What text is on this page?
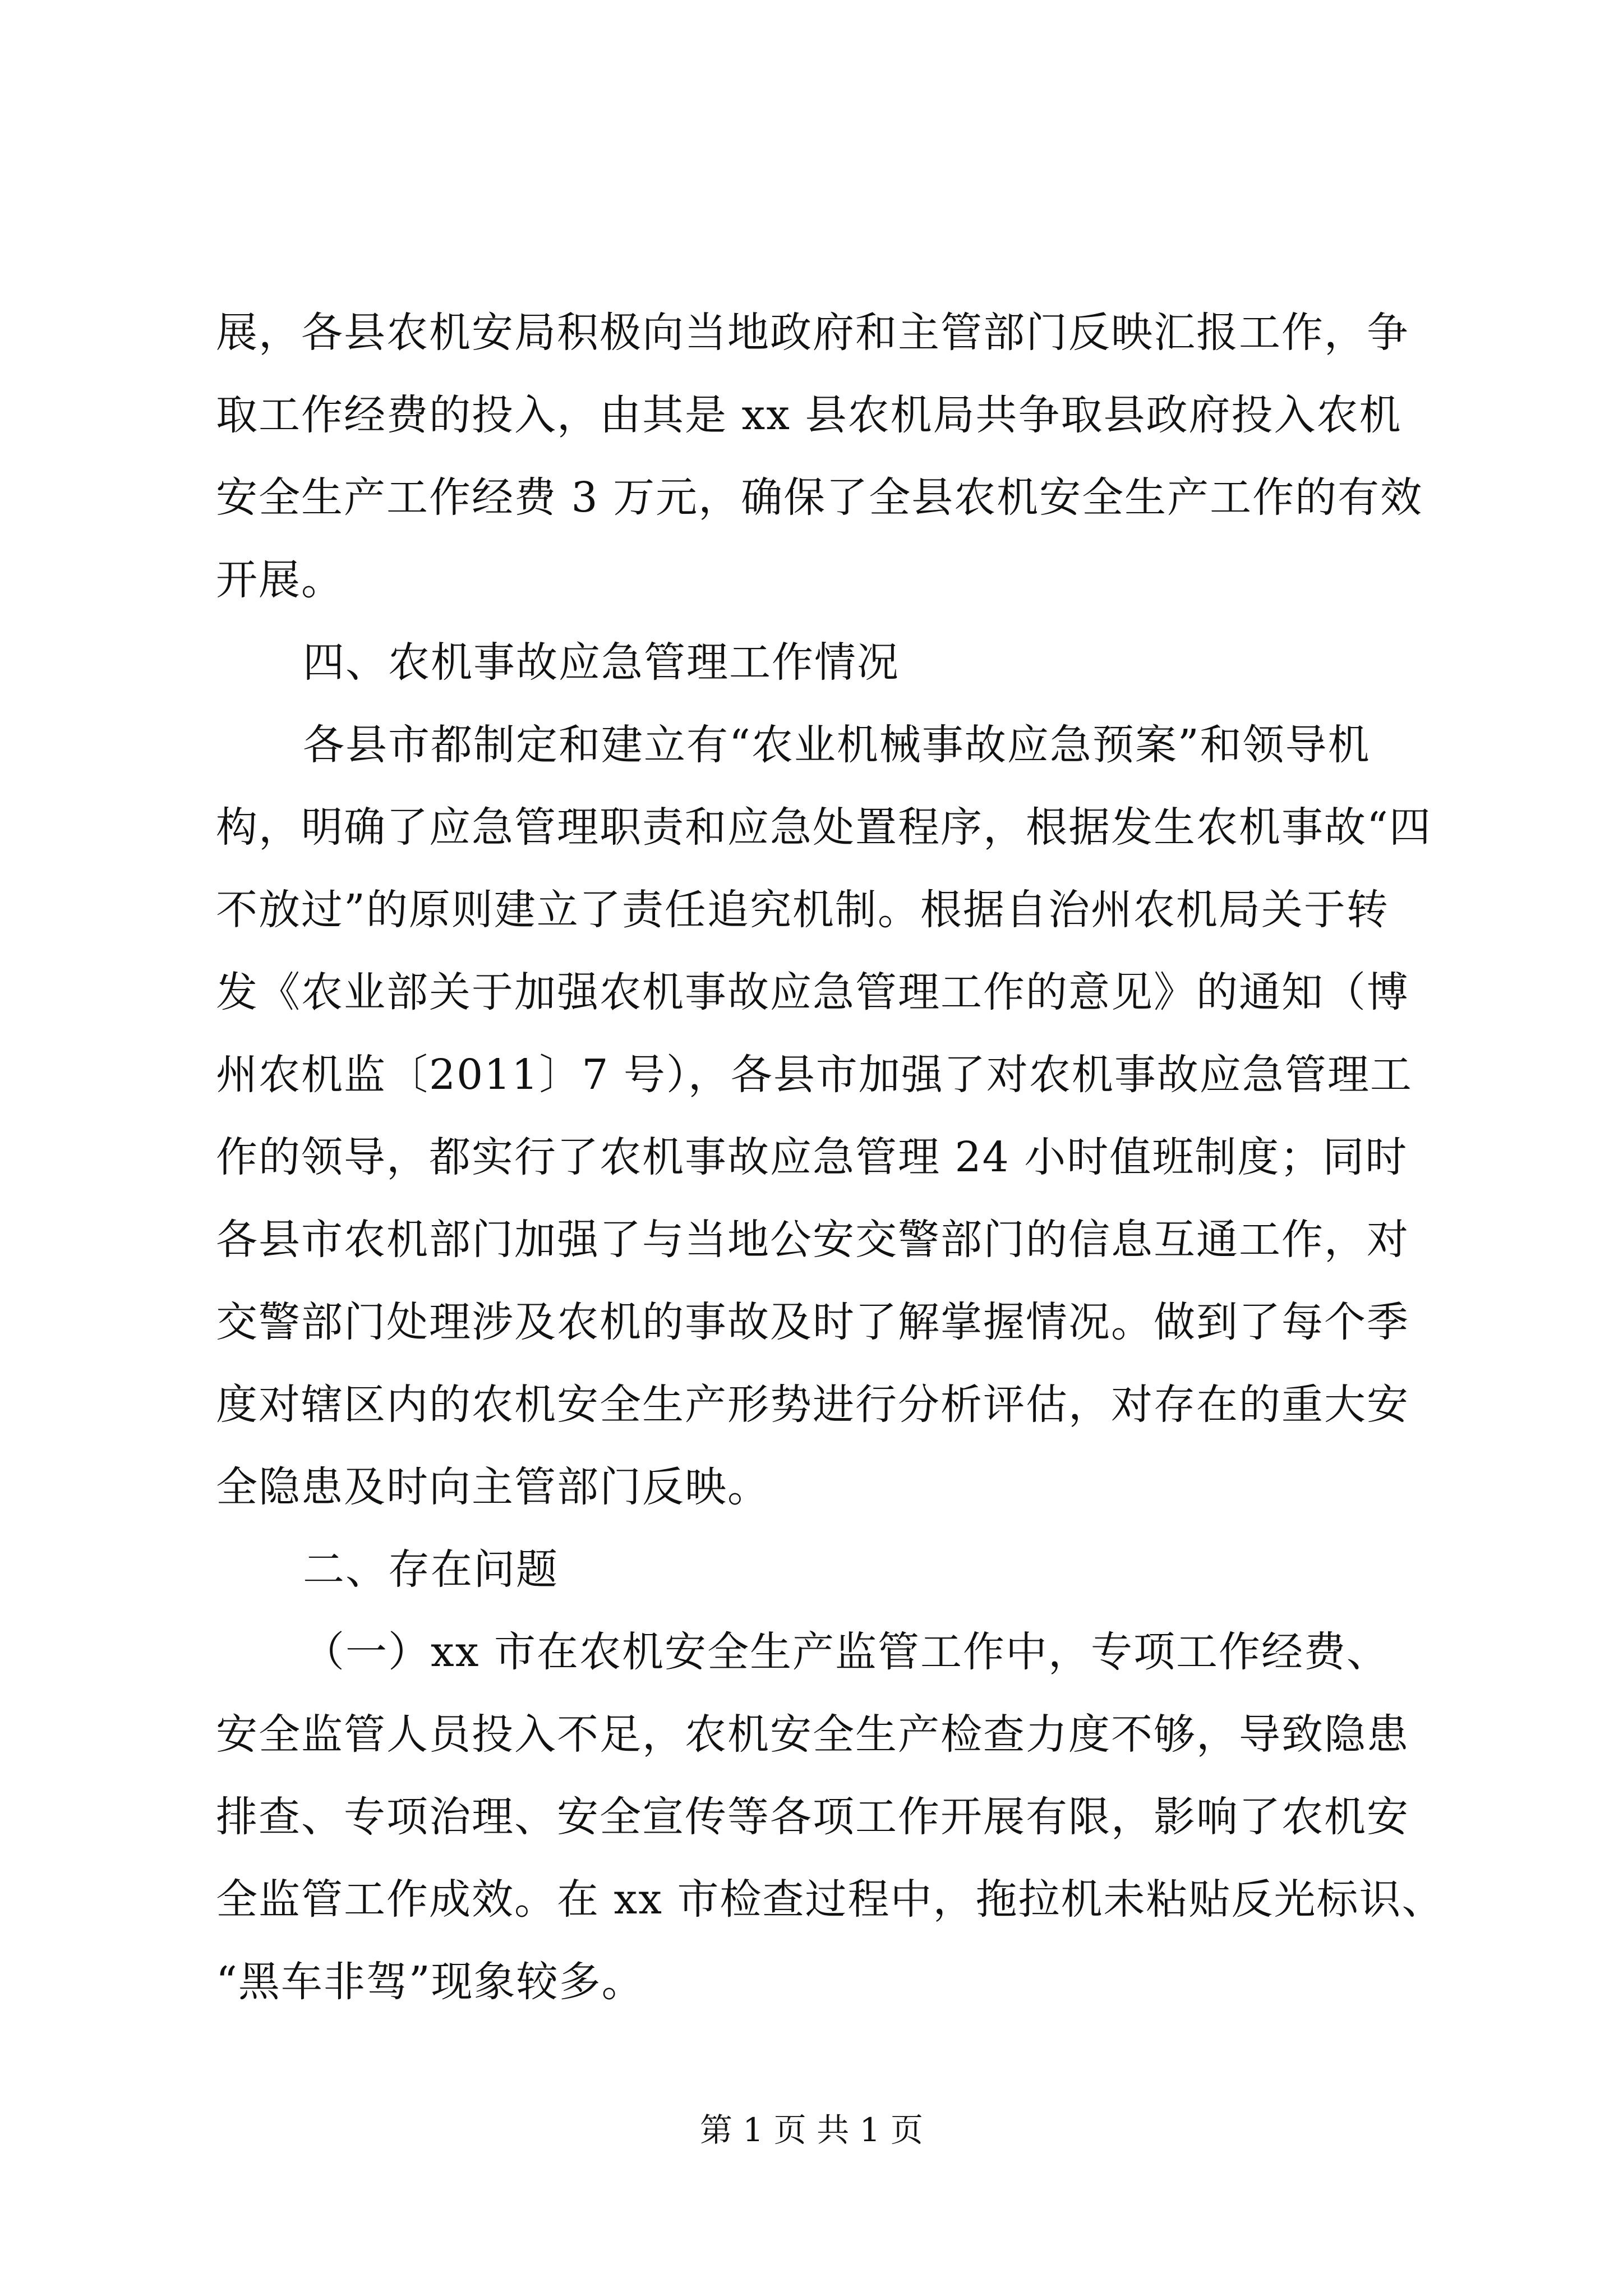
展，各县农机安局积极向当地政府和主管部门反映汇报工作，争
取工作经费的投入，由其是 xx 县农机局共争取县政府投入农机
安全生产工作经费 3 万元，确保了全县农机安全生产工作的有效
开展。
四、农机事故应急管理工作情况
各县市都制定和建立有“农业机械事故应急预案”和领导机
构，明确了应急管理职责和应急处置程序，根据发生农机事故“四
不放过”的原则建立了责任追究机制。根据自治州农机局关于转
发《农业部关于加强农机事故应急管理工作的意见》的通知（博
州农机监〔2011〕7 号），各县市加强了对农机事故应急管理工
作的领导，都实行了农机事故应急管理 24 小时值班制度；同时
各县市农机部门加强了与当地公安交警部门的信息互通工作，对
交警部门处理涉及农机的事故及时了解掌握情况。做到了每个季
度对辖区内的农机安全生产形势进行分析评估，对存在的重大安
全隐患及时向主管部门反映。
二、存在问题
（一）xx 市在农机安全生产监管工作中，专项工作经费、
安全监管人员投入不足，农机安全生产检查力度不够，导致隐患
排查、专项治理、安全宣传等各项工作开展有限，影响了农机安
全监管工作成效。在 xx 市检查过程中，拖拉机未粘贴反光标识、
“黑车非驾”现象较多。
第 1 页 共 1 页
